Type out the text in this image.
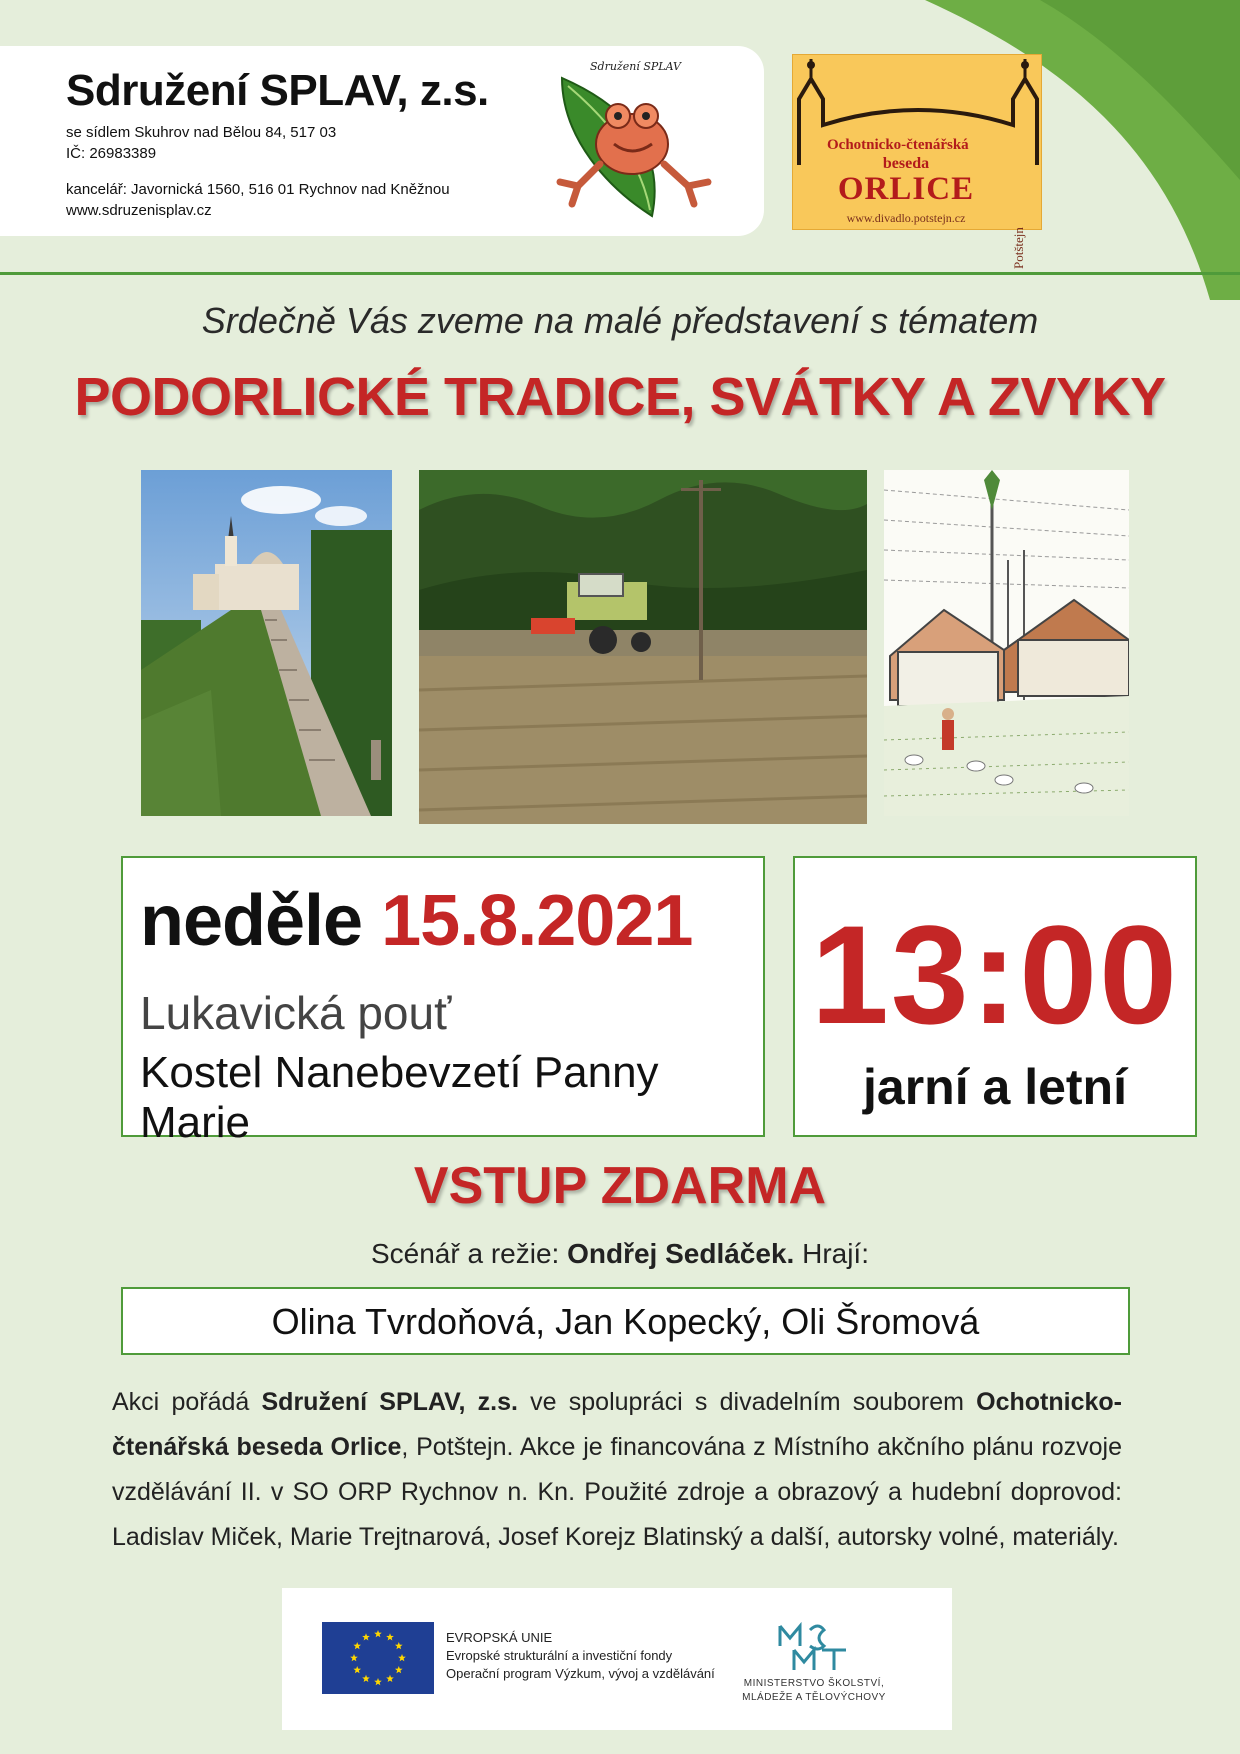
Sdružení SPLAV, z.s.
se sídlem Skuhrov nad Bělou 84, 517 03
IČ: 26983389
kancelář: Javornická 1560, 516 01 Rychnov nad Kněžnou
www.sdruzenisplav.cz
Sdružení SPLAV
Ochotnicko-čtenářská
beseda
ORLICE
www.divadlo.potstejn.cz
Potštejn
Srdečně Vás zveme na malé představení s tématem
PODORLICKÉ TRADICE, SVÁTKY A ZVYKY
neděle 15.8.2021
Lukavická pouť
Kostel Nanebevzetí Panny Marie
13:00
jarní a letní
VSTUP ZDARMA
Scénář a režie: Ondřej Sedláček. Hrají:
Olina Tvrdoňová, Jan Kopecký, Oli Šromová
Akci pořádá Sdružení SPLAV, z.s. ve spolupráci s divadelním souborem Ochotnicko-čtenářská beseda Orlice, Potštejn. Akce je financována z Místního akčního plánu rozvoje vzdělávání II. v SO ORP Rychnov n. Kn. Použité zdroje a obrazový a hudební doprovod: Ladislav Miček, Marie Trejtnarová, Josef Korejz Blatinský a další, autorsky volné, materiály.
EVROPSKÁ UNIE
Evropské strukturální a investiční fondy
Operační program Výzkum, vývoj a vzdělávání
MINISTERSTVO ŠKOLSTVÍ,
MLÁDEŽE A TĚLOVÝCHOVY
